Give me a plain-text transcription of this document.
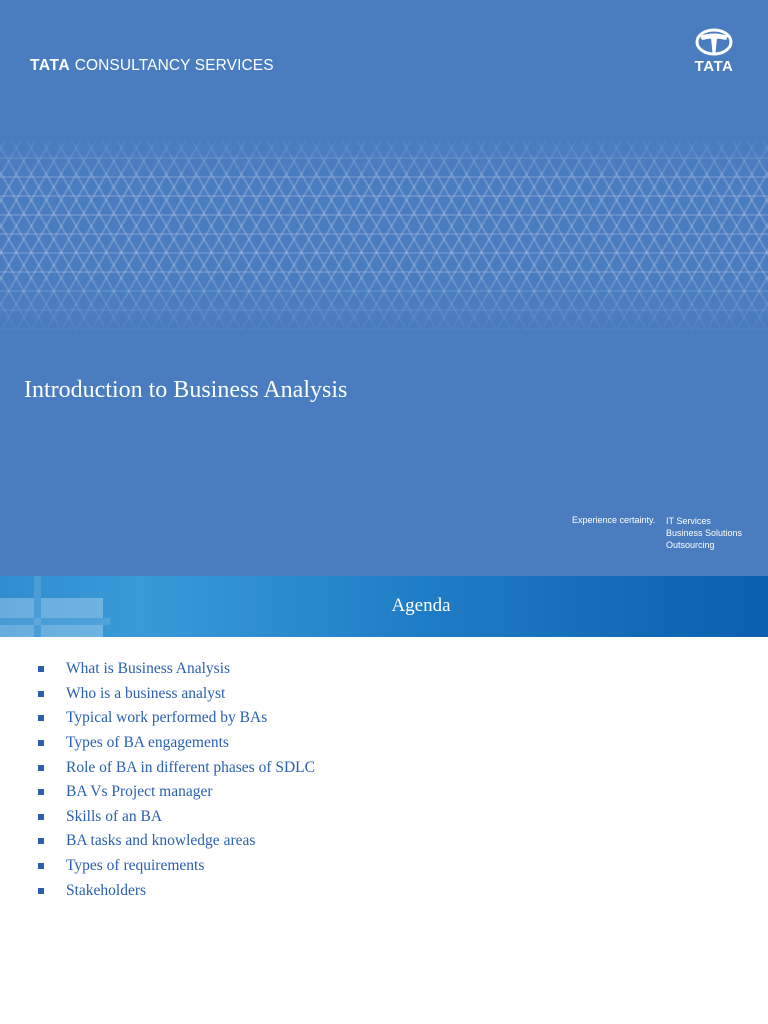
TATA CONSULTANCY SERVICES	TATA
Introduction to Business Analysis
Experience certainty. IT Services
Business Solutions
Outsourcing
Agenda
What is Business Analysis
Who is a business analyst
Typical work performed by BAs
Types of BA engagements
Role of BA in different phases of SDLC
BA Vs Project manager
Skills of an BA
BA tasks and knowledge areas
Types of requirements
Stakeholders
